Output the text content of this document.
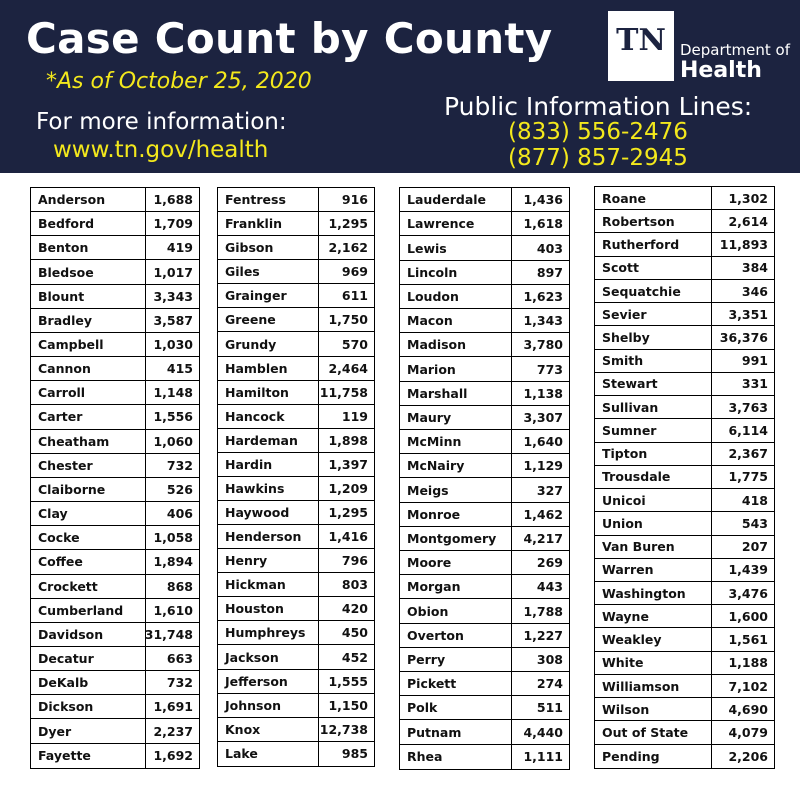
Case Count by County
*As of October 25, 2020
For more information:
www.tn.gov/health
TN Department of
Health
Public Information Lines:
(833) 556-2476
(877) 857-2945
Anderson	1,688
Bedford	1,709
Benton	419
Bledsoe	1,017
Blount	3,343
Bradley	3,587
Campbell	1,030
Cannon	415
Carroll	1,148
Carter	1,556
Cheatham	1,060
Chester	732
Claiborne	526
Clay	406
Cocke	1,058
Coffee	1,894
Crockett	868
Cumberland	1,610
Davidson	31,748
Decatur	663
DeKalb	732
Dickson	1,691
Dyer	2,237
Fayette	1,692
Fentress	916
Franklin	1,295
Gibson	2,162
Giles	969
Grainger	611
Greene	1,750
Grundy	570
Hamblen	2,464
Hamilton	11,758
Hancock	119
Hardeman	1,898
Hardin	1,397
Hawkins	1,209
Haywood	1,295
Henderson	1,416
Henry	796
Hickman	803
Houston	420
Humphreys	450
Jackson	452
Jefferson	1,555
Johnson	1,150
Knox	12,738
Lake	985
Lauderdale	1,436
Lawrence	1,618
Lewis	403
Lincoln	897
Loudon	1,623
Macon	1,343
Madison	3,780
Marion	773
Marshall	1,138
Maury	3,307
McMinn	1,640
McNairy	1,129
Meigs	327
Monroe	1,462
Montgomery	4,217
Moore	269
Morgan	443
Obion	1,788
Overton	1,227
Perry	308
Pickett	274
Polk	511
Putnam	4,440
Rhea	1,111
Roane	1,302
Robertson	2,614
Rutherford	11,893
Scott	384
Sequatchie	346
Sevier	3,351
Shelby	36,376
Smith	991
Stewart	331
Sullivan	3,763
Sumner	6,114
Tipton	2,367
Trousdale	1,775
Unicoi	418
Union	543
Van Buren	207
Warren	1,439
Washington	3,476
Wayne	1,600
Weakley	1,561
White	1,188
Williamson	7,102
Wilson	4,690
Out of State	4,079
Pending	2,206
